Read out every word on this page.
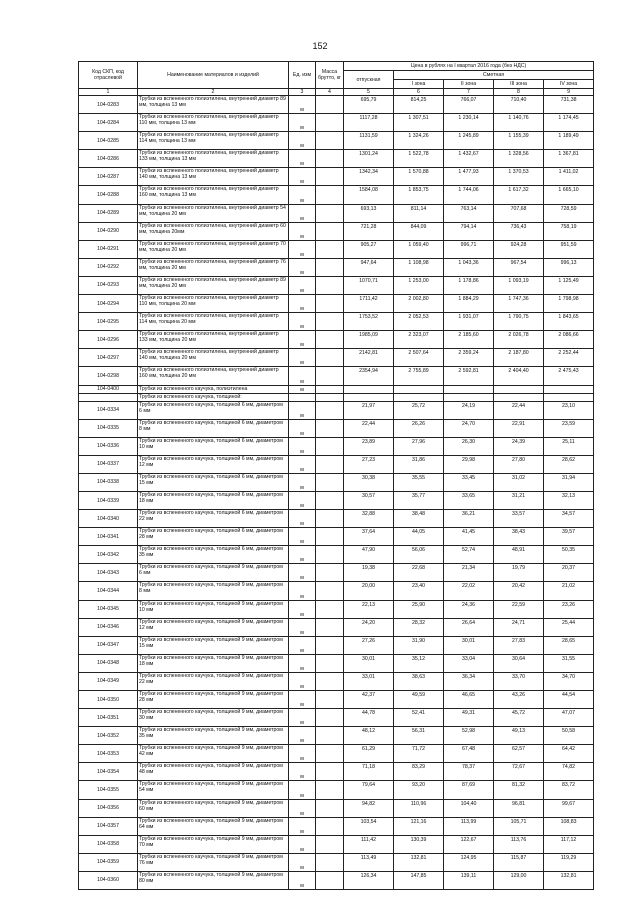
152
Код СКП, код отраслевой	Наименование материалов и изделий	Ед. изм	Масса брутто, кг	Цена в рублях на I квартал 2016 года (без НДС)				
				отпускная	Сметная			
					I зона	II зона	III зона	IV зона
1	2	3	4	5	6	7	8	9
104-0283	Трубки из вспененного полиэтилена, внутренний диаметр 89 мм, толщина 13 мм	м		695,79	814,25	766,07	710,40	731,38
104-0284	Трубки из вспененного полиэтилена, внутренний диаметр 110 мм, толщина 13 мм	м		1117,28	1 307,51	1 230,14	1 140,76	1 174,45
104-0285	Трубки из вспененного полиэтилена, внутренний диаметр 114 мм, толщина 13 мм	м		1131,59	1 324,26	1 245,89	1 155,39	1 189,49
104-0286	Трубки из вспененного полиэтилена, внутренний диаметр 133 мм, толщина 13 мм	м		1301,24	1 522,78	1 432,67	1 328,56	1 367,81
104-0287	Трубки из вспененного полиэтилена, внутренний диаметр 140 мм, толщина 13 мм	м		1342,34	1 570,88	1 477,93	1 370,53	1 411,02
104-0288	Трубки из вспененного полиэтилена, внутренний диаметр 160 мм, толщина 13 мм	м		1584,08	1 853,75	1 744,06	1 617,32	1 665,10
104-0289	Трубки из вспененного полиэтилена, внутренний диаметр 54 мм, толщина 20 мм	м		693,13	811,14	763,14	707,68	728,59
104-0290	Трубки из вспененного полиэтилена, внутренний диаметр 60 мм, толщина 20мм	м		721,28	844,09	794,14	736,43	758,19
104-0291	Трубки из вспененного полиэтилена, внутренний диаметр 70 мм, толщина 20 мм	м		905,27	1 059,40	996,71	924,28	951,59
104-0292	Трубки из вспененного полиэтилена, внутренний диаметр 76 мм, толщина 20 мм	м		947,64	1 108,98	1 043,36	967,54	996,13
104-0293	Трубки из вспененного полиэтилена, внутренний диаметр 89 мм, толщина 20 мм	м		1070,71	1 253,00	1 178,86	1 093,19	1 125,49
104-0294	Трубки из вспененного полиэтилена, внутренний диаметр 110 мм, толщина 20 мм	м		1711,42	2 002,80	1 884,29	1 747,36	1 798,98
104-0295	Трубки из вспененного полиэтилена, внутренний диаметр 114 мм, толщина 20 мм	м		1753,52	2 052,53	1 931,07	1 790,75	1 843,65
104-0296	Трубки из вспененного полиэтилена, внутренний диаметр 133 мм, толщина 20 мм	м		1985,09	2 323,07	2 185,60	2 026,78	2 086,66
104-0297	Трубки из вспененного полиэтилена, внутренний диаметр 140 мм, толщина 20 мм	м		2142,81	2 507,64	2 359,24	2 187,80	2 252,44
104-0298	Трубки из вспененного полиэтилена, внутренний диаметр 160 мм, толщина 20 мм	м		2354,94	2 755,89	2 592,81	2 404,40	2 475,43
104-0400	Трубки из вспененного каучука, полиэтилена	м						
	Трубки из вспененного каучука, толщиной:							
104-0334	Трубки из вспененного каучука, толщиной 6 мм, диаметром 6 мм	м		21,97	25,72	24,19	22,44	23,10
104-0335	Трубки из вспененного каучука, толщиной 6 мм, диаметром 8 мм	м		22,44	26,26	24,70	22,91	23,59
104-0336	Трубки из вспененного каучука, толщиной 6 мм, диаметром 10 мм	м		23,89	27,96	26,30	24,39	25,11
104-0337	Трубки из вспененного каучука, толщиной 6 мм, диаметром 12 мм	м		27,23	31,86	29,98	27,80	28,62
104-0338	Трубки из вспененного каучука, толщиной 6 мм, диаметром 15 мм	м		30,38	35,55	33,45	31,02	31,94
104-0339	Трубки из вспененного каучука, толщиной 6 мм, диаметром 18 мм	м		30,57	35,77	33,65	31,21	32,13
104-0340	Трубки из вспененного каучука, толщиной 6 мм, диаметром 22 мм	м		32,88	38,48	36,21	33,57	34,57
104-0341	Трубки из вспененного каучука, толщиной 6 мм, диаметром 28 мм	м		37,64	44,05	41,45	38,43	39,57
104-0342	Трубки из вспененного каучука, толщиной 6 мм, диаметром 35 мм	м		47,90	56,06	52,74	48,91	50,35
104-0343	Трубки из вспененного каучука, толщиной 9 мм, диаметром 6 мм	м		19,38	22,68	21,34	19,79	20,37
104-0344	Трубки из вспененного каучука, толщиной 9 мм, диаметром 8 мм	м		20,00	23,40	22,02	20,42	21,02
104-0345	Трубки из вспененного каучука, толщиной 9 мм, диаметром 10 мм	м		22,13	25,90	24,36	22,59	23,26
104-0346	Трубки из вспененного каучука, толщиной 9 мм, диаметром 12 мм	м		24,20	28,32	26,64	24,71	25,44
104-0347	Трубки из вспененного каучука, толщиной 9 мм, диаметром 15 мм	м		27,26	31,90	30,01	27,83	28,65
104-0348	Трубки из вспененного каучука, толщиной 9 мм, диаметром 18 мм	м		30,01	35,12	33,04	30,64	31,55
104-0349	Трубки из вспененного каучука, толщиной 9 мм, диаметром 22 мм	м		33,01	38,63	36,34	33,70	34,70
104-0350	Трубки из вспененного каучука, толщиной 9 мм, диаметром 28 мм	м		42,37	49,59	46,65	43,26	44,54
104-0351	Трубки из вспененного каучука, толщиной 9 мм, диаметром 30 мм	м		44,78	52,41	49,31	45,72	47,07
104-0352	Трубки из вспененного каучука, толщиной 9 мм, диаметром 35 мм	м		48,12	56,31	52,98	49,13	50,58
104-0353	Трубки из вспененного каучука, толщиной 9 мм, диаметром 42 мм	м		61,29	71,72	67,48	62,57	64,42
104-0354	Трубки из вспененного каучука, толщиной 9 мм, диаметром 48 мм	м		71,18	83,29	78,37	72,67	74,82
104-0355	Трубки из вспененного каучука, толщиной 9 мм, диаметром 54 мм	м		79,64	93,20	87,69	81,32	83,72
104-0356	Трубки из вспененного каучука, толщиной 9 мм, диаметром 60 мм	м		94,82	110,96	104,40	96,81	99,67
104-0357	Трубки из вспененного каучука, толщиной 9 мм, диаметром 64 мм	м		103,54	121,16	113,99	105,71	108,83
104-0358	Трубки из вспененного каучука, толщиной 9 мм, диаметром 70 мм	м		111,42	130,39	122,67	113,76	117,12
104-0359	Трубки из вспененного каучука, толщиной 9 мм, диаметром 76 мм	м		113,49	132,81	124,95	115,87	119,29
104-0360	Трубки из вспененного каучука, толщиной 9 мм, диаметром 80 мм	м		126,34	147,85	139,11	129,00	132,81
